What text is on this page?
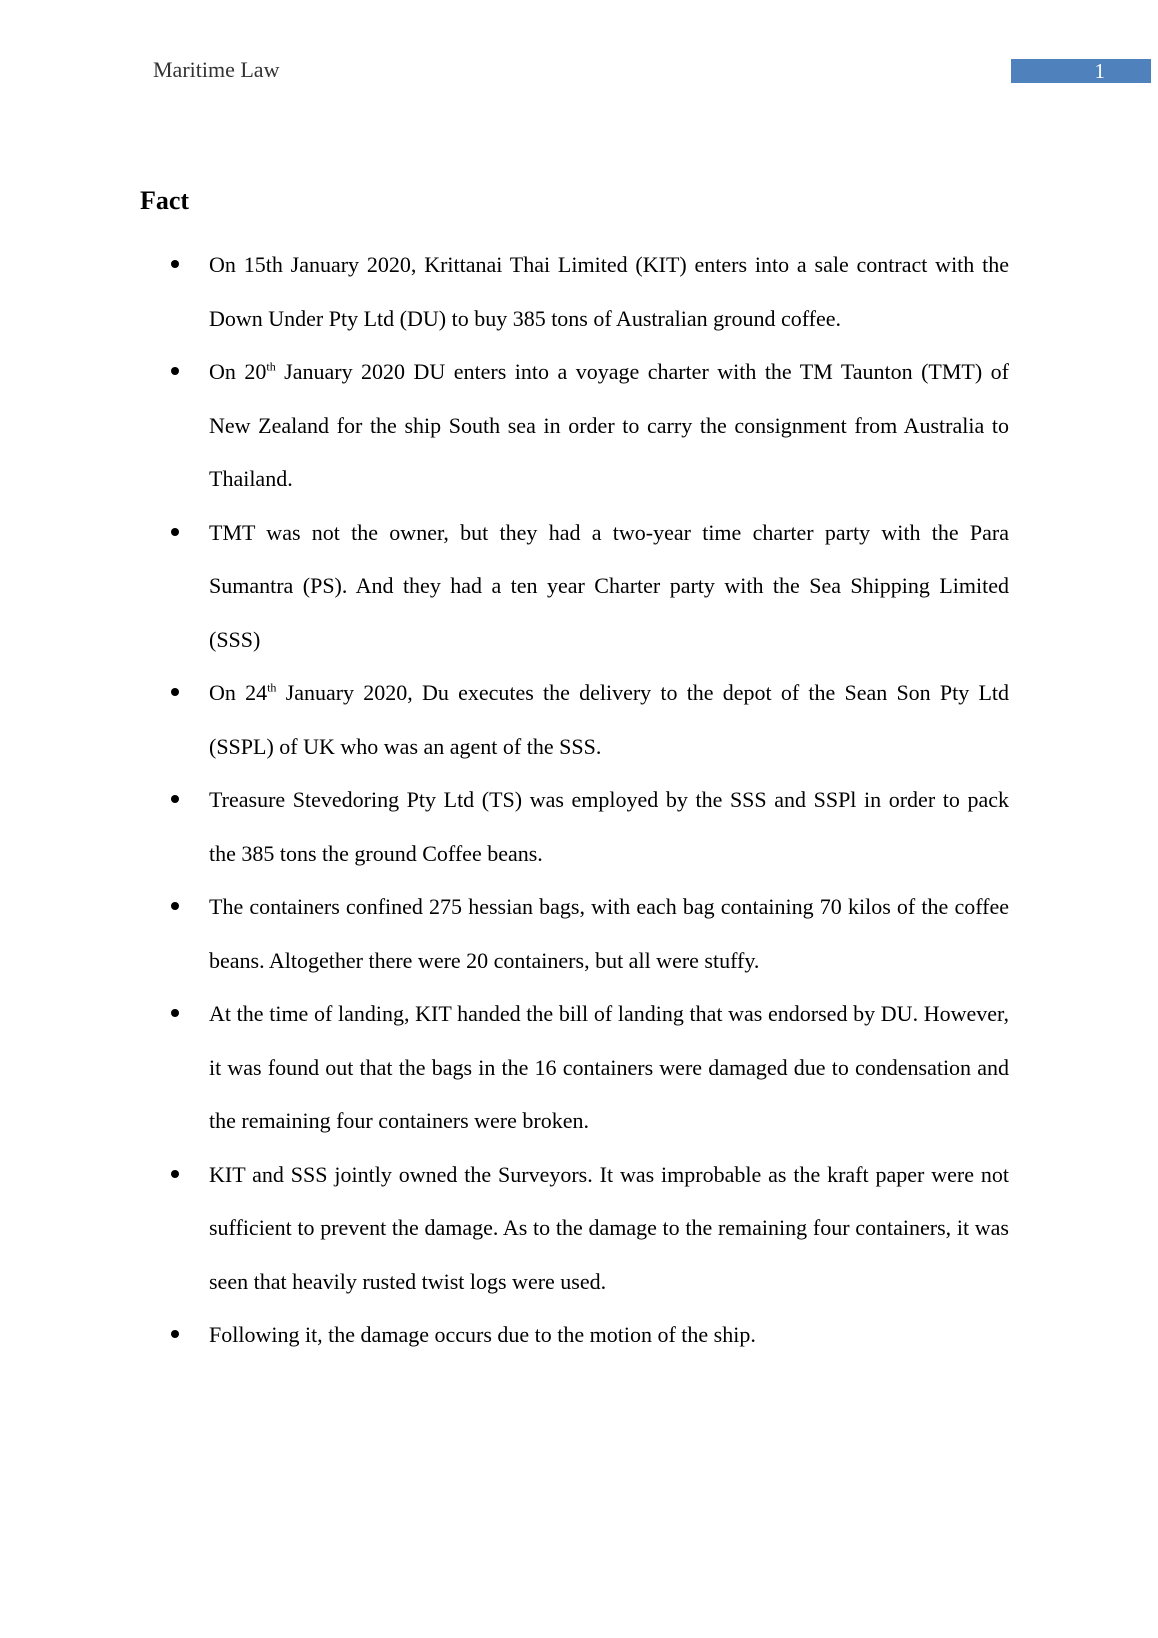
Maritime Law	1
Fact
On 15th January 2020, Krittanai Thai Limited (KIT) enters into a sale contract with the Down Under Pty Ltd (DU) to buy 385 tons of Australian ground coffee.
On 20th January 2020 DU enters into a voyage charter with the TM Taunton (TMT) of New Zealand for the ship South sea in order to carry the consignment from Australia to Thailand.
TMT was not the owner, but they had a two-year time charter party with the Para Sumantra (PS). And they had a ten year Charter party with the Sea Shipping Limited (SSS)
On 24th January 2020, Du executes the delivery to the depot of the Sean Son Pty Ltd (SSPL) of UK who was an agent of the SSS.
Treasure Stevedoring Pty Ltd (TS) was employed by the SSS and SSPl in order to pack the 385 tons the ground Coffee beans.
The containers confined 275 hessian bags, with each bag containing 70 kilos of the coffee beans. Altogether there were 20 containers, but all were stuffy.
At the time of landing, KIT handed the bill of landing that was endorsed by DU. However, it was found out that the bags in the 16 containers were damaged due to condensation and the remaining four containers were broken.
KIT and SSS jointly owned the Surveyors. It was improbable as the kraft paper were not sufficient to prevent the damage. As to the damage to the remaining four containers, it was seen that heavily rusted twist logs were used.
Following it, the damage occurs due to the motion of the ship.
